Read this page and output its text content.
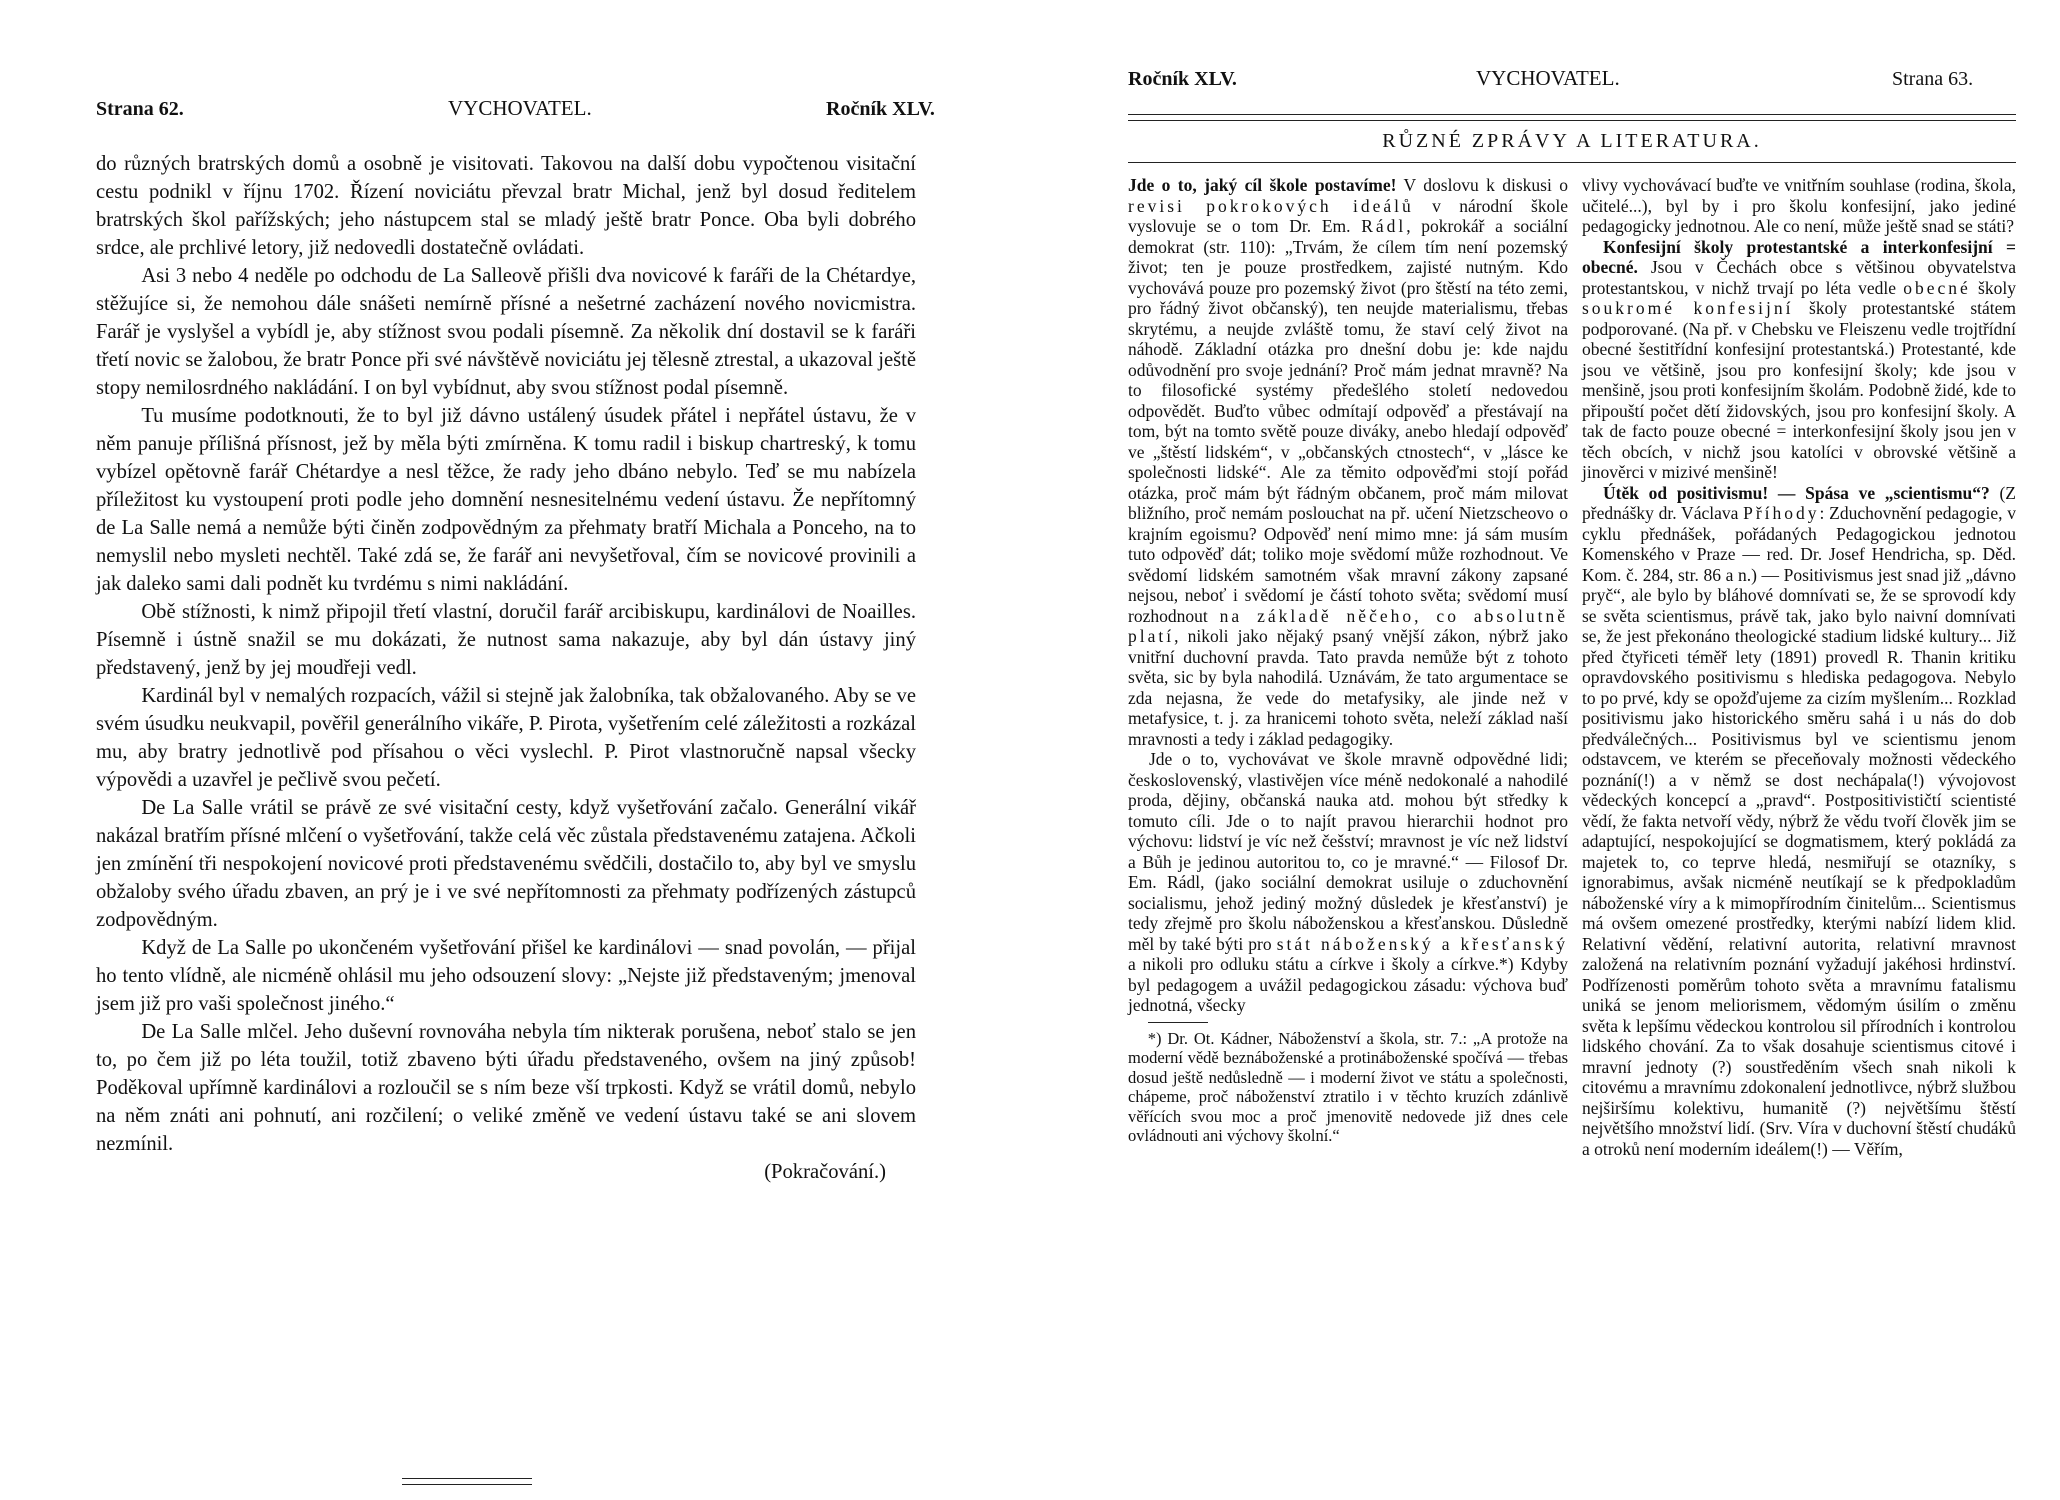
Strana 62.	VYCHOVATEL.	Ročník XLV.

do různých bratrských domů a osobně je visitovati. Takovou na další dobu vypočtenou visitační cestu podnikl v říjnu 1702. Řízení noviciátu převzal bratr Michal, jenž byl dosud ředitelem bratrských škol pařížských; jeho nástupcem stal se mladý ještě bratr Ponce. Oba byli dobrého srdce, ale prchlivé letory, již nedovedli dostatečně ovládati.

Asi 3 nebo 4 neděle po odchodu de La Salleově přišli dva novicové k faráři de la Chétardye, stěžujíce si, že nemohou dále snášeti nemírně přísné a nešetrné zacházení nového novicmistra. Farář je vyslyšel a vybídl je, aby stížnost svou podali písemně. Za několik dní dostavil se k faráři třetí novic se žalobou, že bratr Ponce při své návštěvě noviciátu jej tělesně ztrestal, a ukazoval ještě stopy nemilosrdného nakládání. I on byl vybídnut, aby svou stížnost podal písemně.

Tu musíme podotknouti, že to byl již dávno ustálený úsudek přátel i nepřátel ústavu, že v něm panuje přílišná přísnost, jež by měla býti zmírněna. K tomu radil i biskup chartreský, k tomu vybízel opětovně farář Chétardye a nesl těžce, že rady jeho dbáno nebylo. Teď se mu nabízela příležitost ku vystoupení proti podle jeho domnění nesnesitelnému vedení ústavu. Že nepřítomný de La Salle nemá a nemůže býti činěn zodpovědným za přehmaty bratří Michala a Ponceho, na to nemyslil nebo mysleti nechtěl. Také zdá se, že farář ani nevyšetřoval, čím se novicové provinili a jak daleko sami dali podnět ku tvrdému s nimi nakládání.

Obě stížnosti, k nimž připojil třetí vlastní, doručil farář arcibiskupu, kardinálovi de Noailles. Písemně i ústně snažil se mu dokázati, že nutnost sama nakazuje, aby byl dán ústavy jiný představený, jenž by jej moudřeji vedl.

Kardinál byl v nemalých rozpacích, vážil si stejně jak žalobníka, tak obžalovaného. Aby se ve svém úsudku neukvapil, pověřil generálního vikáře, P. Pirota, vyšetřením celé záležitosti a rozkázal mu, aby bratry jednotlivě pod přísahou o věci vyslechl. P. Pirot vlastnoručně napsal všecky výpovědi a uzavřel je pečlivě svou pečetí.

De La Salle vrátil se právě ze své visitační cesty, když vyšetřování začalo. Generální vikář nakázal bratřím přísné mlčení o vyšetřování, takže celá věc zůstala představenému zatajena. Ačkoli jen zmínění tři nespokojení novicové proti představenému svědčili, dostačilo to, aby byl ve smyslu obžaloby svého úřadu zbaven, an prý je i ve své nepřítomnosti za přehmaty podřízených zástupců zodpovědným.

Když de La Salle po ukončeném vyšetřování přišel ke kardinálovi — snad povolán, — přijal ho tento vlídně, ale nicméně ohlásil mu jeho odsouzení slovy: „Nejste již představeným; jmenoval jsem již pro vaši společnost jiného.“

De La Salle mlčel. Jeho duševní rovnováha nebyla tím nikterak porušena, neboť stalo se jen to, po čem již po léta toužil, totiž zbaveno býti úřadu představeného, ovšem na jiný způsob! Poděkoval upřímně kardinálovi a rozloučil se s ním beze vší trpkosti. Když se vrátil domů, nebylo na něm znáti ani pohnutí, ani rozčilení; o veliké změně ve vedení ústavu také se ani slovem nezmínil.

(Pokračování.)

Ročník XLV.	VYCHOVATEL.	Strana 63.
RŮZNÉ ZPRÁVY A LITERATURA.

Jde o to, jaký cíl škole postavíme! V doslovu k diskusi o revisi pokrokových ideálů v národní škole vyslovuje se o tom Dr. Em. Rádl, pokrokář a sociální demokrat (str. 110): „Trvám, že cílem tím není pozemský život; ten je pouze prostředkem, zajisté nutným. Kdo vychovává pouze pro pozemský život (pro štěstí na této zemi, pro řádný život občanský), ten neujde materialismu, třebas skrytému, a neujde zvláště tomu, že staví celý život na náhodě. Základní otázka pro dnešní dobu je: kde najdu odůvodnění pro svoje jednání? Proč mám jednat mravně? Na to filosofické systémy předešlého století nedovedou odpovědět. Buďto vůbec odmítají odpověď a přestávají na tom, být na tomto světě pouze diváky, anebo hledají odpověď ve „štěstí lidském“, v „občanských ctnostech“, v „lásce ke společnosti lidské“. Ale za těmito odpověďmi stojí pořád otázka, proč mám být řádným občanem, proč mám milovat bližního, proč nemám poslouchat na př. učení Nietzscheovo o krajním egoismu? Odpověď není mimo mne: já sám musím tuto odpověď dát; toliko moje svědomí může rozhodnout. Ve svědomí lidském samotném však mravní zákony zapsané nejsou, neboť i svědomí je částí tohoto světa; svědomí musí rozhodnout na základě něčeho, co absolutně platí, nikoli jako nějaký psaný vnější zákon, nýbrž jako vnitřní duchovní pravda. Tato pravda nemůže být z tohoto světa, sic by byla nahodilá. Uznávám, že tato argumentace se zda nejasna, že vede do metafysiky, ale jinde než v metafysice, t. j. za hranicemi tohoto světa, neleží základ naší mravnosti a tedy i základ pedagogiky.

Jde o to, vychovávat ve škole mravně odpovědné lidi; československý, vlastivějen více méně nedokonalé a nahodilé proda, dějiny, občanská nauka atd. mohou být středky k tomuto cíli. Jde o to najít pravou hierarchii hodnot pro výchovu: lidství je víc než češství; mravnost je víc než lidství a Bůh je jedinou autoritou to, co je mravné.“ — Filosof Dr. Em. Rádl, (jako sociální demokrat usiluje o zduchovnění socialismu, jehož jediný možný důsledek je křesťanství) je tedy zřejmě pro školu náboženskou a křesťanskou. Důsledně měl by také býti pro stát náboženský a křesťanský a nikoli pro odluku státu a církve i školy a církve.*) Kdyby byl pedagogem a uvážil pedagogickou zásadu: výchova buď jednotná, všecky

*) Dr. Ot. Kádner, Náboženství a škola, str. 7.: „A protože na moderní vědě beznáboženské a protináboženské spočívá — třebas dosud ještě nedůsledně — i moderní život ve státu a společnosti, chápeme, proč náboženství ztratilo i v těchto kruzích zdánlivě věřících svou moc a proč jmenovitě nedovede již dnes cele ovládnouti ani výchovy školní.“

vlivy vychovávací buďte ve vnitřním souhlase (rodina, škola, učitelé...), byl by i pro školu konfesijní, jako jediné pedagogicky jednotnou. Ale co není, může ještě snad se státi?

Konfesijní školy protestantské a interkonfesijní = obecné. Jsou v Čechách obce s většinou obyvatelstva protestantskou, v nichž trvají po léta vedle obecné školy soukromé konfesijní školy protestantské státem podporované. (Na př. v Chebsku ve Fleiszenu vedle trojtřídní obecné šestitřídní konfesijní protestantská.) Protestanté, kde jsou ve většině, jsou pro konfesijní školy; kde jsou v menšině, jsou proti konfesijním školám. Podobně židé, kde to připouští počet dětí židovských, jsou pro konfesijní školy. A tak de facto pouze obecné = interkonfesijní školy jsou jen v těch obcích, v nichž jsou katolíci v obrovské většině a jinověrci v mizivé menšině!

Útěk od positivismu! — Spása ve „scientismu“? (Z přednášky dr. Václava Příhody: Zduchovnění pedagogie, v cyklu přednášek, pořádaných Pedagogickou jednotou Komenského v Praze — red. Dr. Josef Hendricha, sp. Děd. Kom. č. 284, str. 86 a n.) — Positivismus jest snad již „dávno pryč“, ale bylo by bláhové domnívati se, že se sprovodí kdy se světa scientismus, právě tak, jako bylo naivní domnívati se, že jest překonáno theologické stadium lidské kultury... Již před čtyřiceti téměř lety (1891) provedl R. Thanin kritiku opravdovského positivismu s hlediska pedagogova. Nebylo to po prvé, kdy se opožďujeme za cizím myšlením... Rozklad positivismu jako historického směru sahá i u nás do dob předválečných... Positivismus byl ve scientismu jenom odstavcem, ve kterém se přeceňovaly možnosti vědeckého poznání(!) a v němž se dost nechápala(!) vývojovost vědeckých koncepcí a „pravd“. Postpositivističtí scientisté vědí, že fakta netvoří vědy, nýbrž že vědu tvoří člověk jim se adaptující, nespokojující se dogmatismem, který pokládá za majetek to, co teprve hledá, nesmiřují se otazníky, s ignorabimus, avšak nicméně neutíkají se k předpokladům náboženské víry a k mimopřírodním činitelům... Scientismus má ovšem omezené prostředky, kterými nabízí lidem klid. Relativní vědění, relativní autorita, relativní mravnost založená na relativním poznání vyžadují jakéhosi hrdinství. Podřízenosti poměrům tohoto světa a mravnímu fatalismu uniká se jenom meliorismem, vědomým úsilím o změnu světa k lepšímu vědeckou kontrolou sil přírodních i kontrolou lidského chování. Za to však dosahuje scientismus citové i mravní jednoty (?) soustředěním všech snah nikoli k citovému a mravnímu zdokonalení jednotlivce, nýbrž službou nejširšímu kolektivu, humanitě (?) největšímu štěstí největšího množství lidí. (Srv. Víra v duchovní štěstí chudáků a otroků není moderním ideálem(!) — Věřím,
